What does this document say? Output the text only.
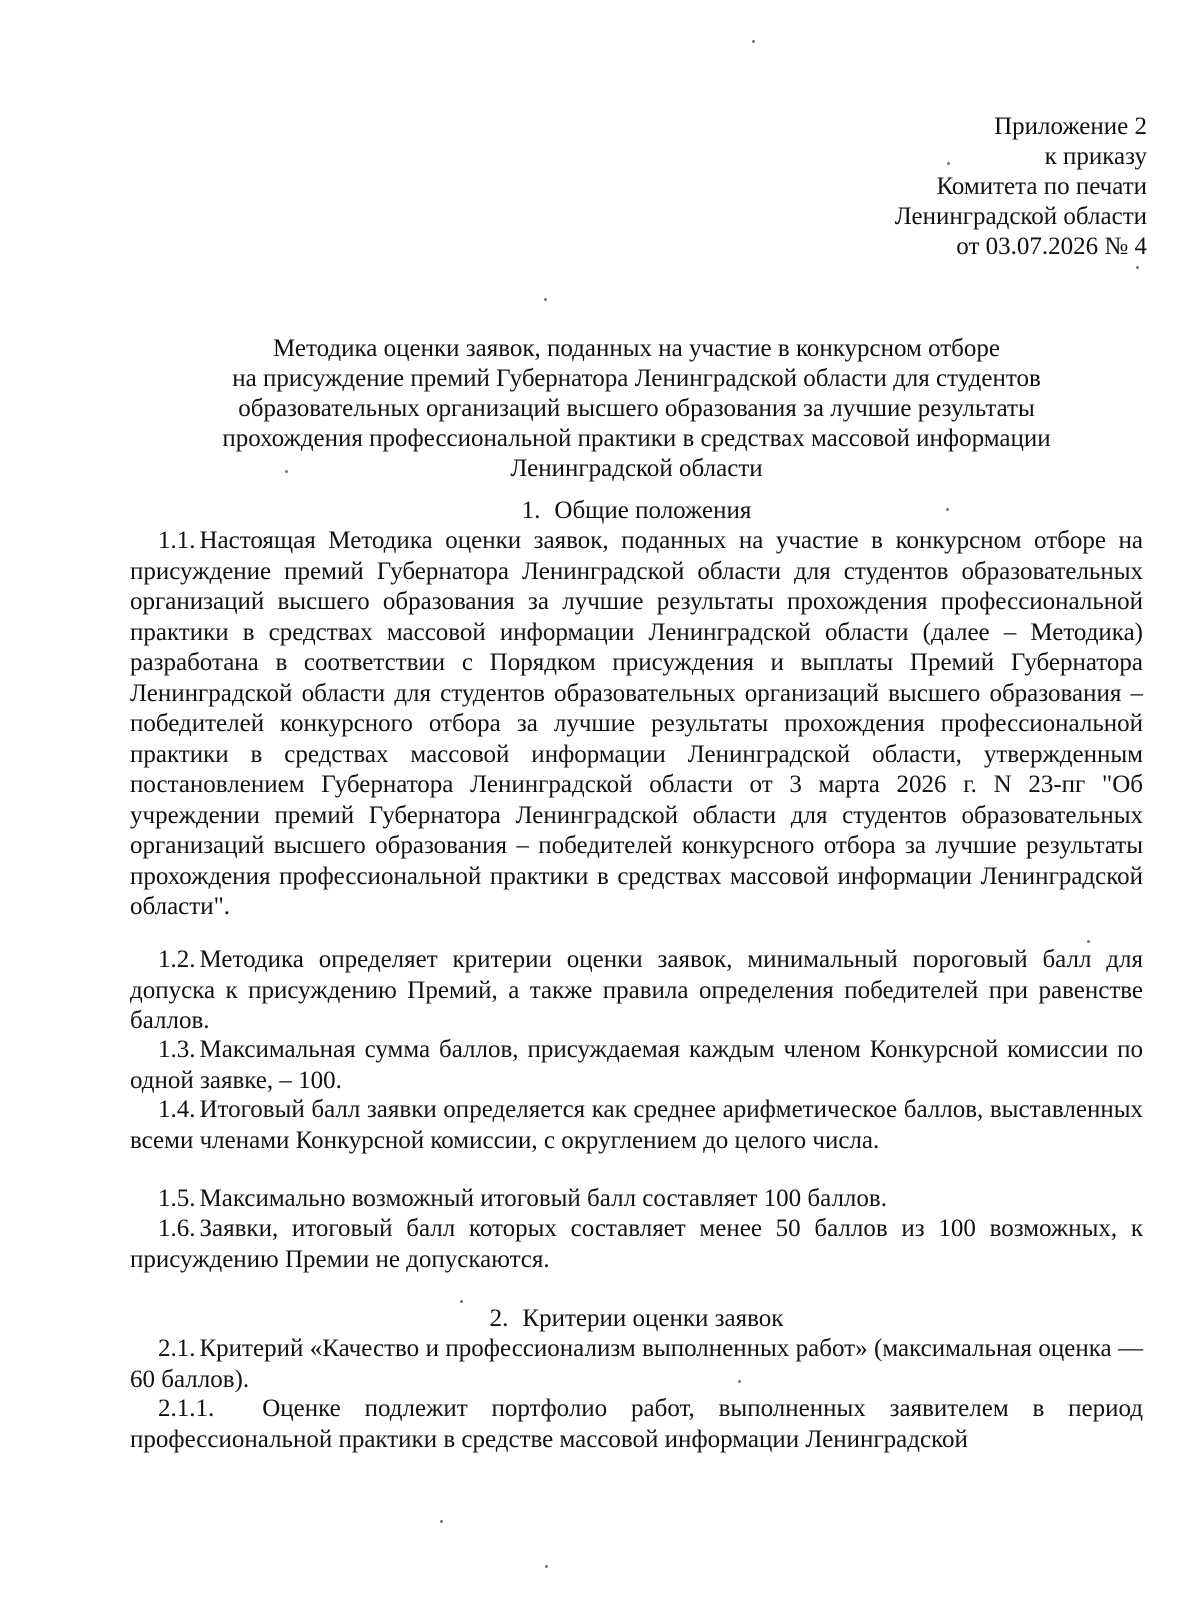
Приложение 2
к приказу
Комитета по печати
Ленинградской области
от 03.07.2026 № 4
Методика оценки заявок, поданных на участие в конкурсном отборе
на присуждение премий Губернатора Ленинградской области для студентов
образовательных организаций высшего образования за лучшие результаты
прохождения профессиональной практики в средствах массовой информации
Ленинградской области
1. Общие положения
1.1. Настоящая Методика оценки заявок, поданных на участие в конкурсном отборе на присуждение премий Губернатора Ленинградской области для студентов образовательных организаций высшего образования за лучшие результаты прохождения профессиональной практики в средствах массовой информации Ленинградской области (далее – Методика) разработана в соответствии с Порядком присуждения и выплаты Премий Губернатора Ленинградской области для студентов образовательных организаций высшего образования – победителей конкурсного отбора за лучшие результаты прохождения профессиональной практики в средствах массовой информации Ленинградской области, утвержденным постановлением Губернатора Ленинградской области от 3 марта 2026 г. N 23-пг "Об учреждении премий Губернатора Ленинградской области для студентов образовательных организаций высшего образования – победителей конкурсного отбора за лучшие результаты прохождения профессиональной практики в средствах массовой информации Ленинградской области".
1.2. Методика определяет критерии оценки заявок, минимальный пороговый балл для допуска к присуждению Премий, а также правила определения победителей при равенстве баллов.
1.3. Максимальная сумма баллов, присуждаемая каждым членом Конкурсной комиссии по одной заявке, – 100.
1.4. Итоговый балл заявки определяется как среднее арифметическое баллов, выставленных всеми членами Конкурсной комиссии, с округлением до целого числа.
1.5. Максимально возможный итоговый балл составляет 100 баллов.
1.6. Заявки, итоговый балл которых составляет менее 50 баллов из 100 возможных, к присуждению Премии не допускаются.
2. Критерии оценки заявок
2.1. Критерий «Качество и профессионализм выполненных работ» (максимальная оценка — 60 баллов).
2.1.1. Оценке подлежит портфолио работ, выполненных заявителем в период профессиональной практики в средстве массовой информации Ленинградской
